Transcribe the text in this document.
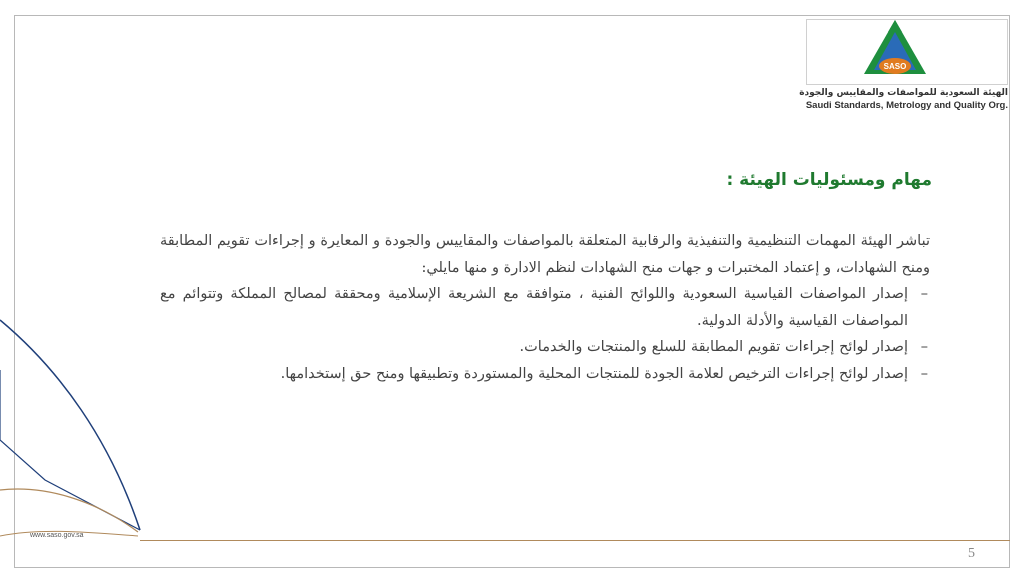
SASO
الهيئة السعودية للمواصفات والمقاييس والجودة
Saudi Standards, Metrology and Quality Org.
مهام ومسئوليات الهيئة :

تباشر الهيئة المهمات التنظيمية والتنفيذية والرقابية المتعلقة بالمواصفات والمقاييس والجودة و المعايرة و إجراءات تقويم المطابقة ومنح الشهادات، و إعتماد المختبرات و جهات منح الشهادات لنظم الادارة و منها مايلي:

– إصدار المواصفات القياسية السعودية واللوائح الفنية ، متوافقة مع الشريعة الإسلامية ومحققة لمصالح المملكة وتتوائم مع المواصفات القياسية والأدلة الدولية.
– إصدار لوائح إجراءات تقويم المطابقة للسلع والمنتجات والخدمات.
– إصدار لوائح إجراءات الترخيص لعلامة الجودة للمنتجات المحلية والمستوردة وتطبيقها ومنح حق إستخدامها.
www.saso.gov.sa
5
